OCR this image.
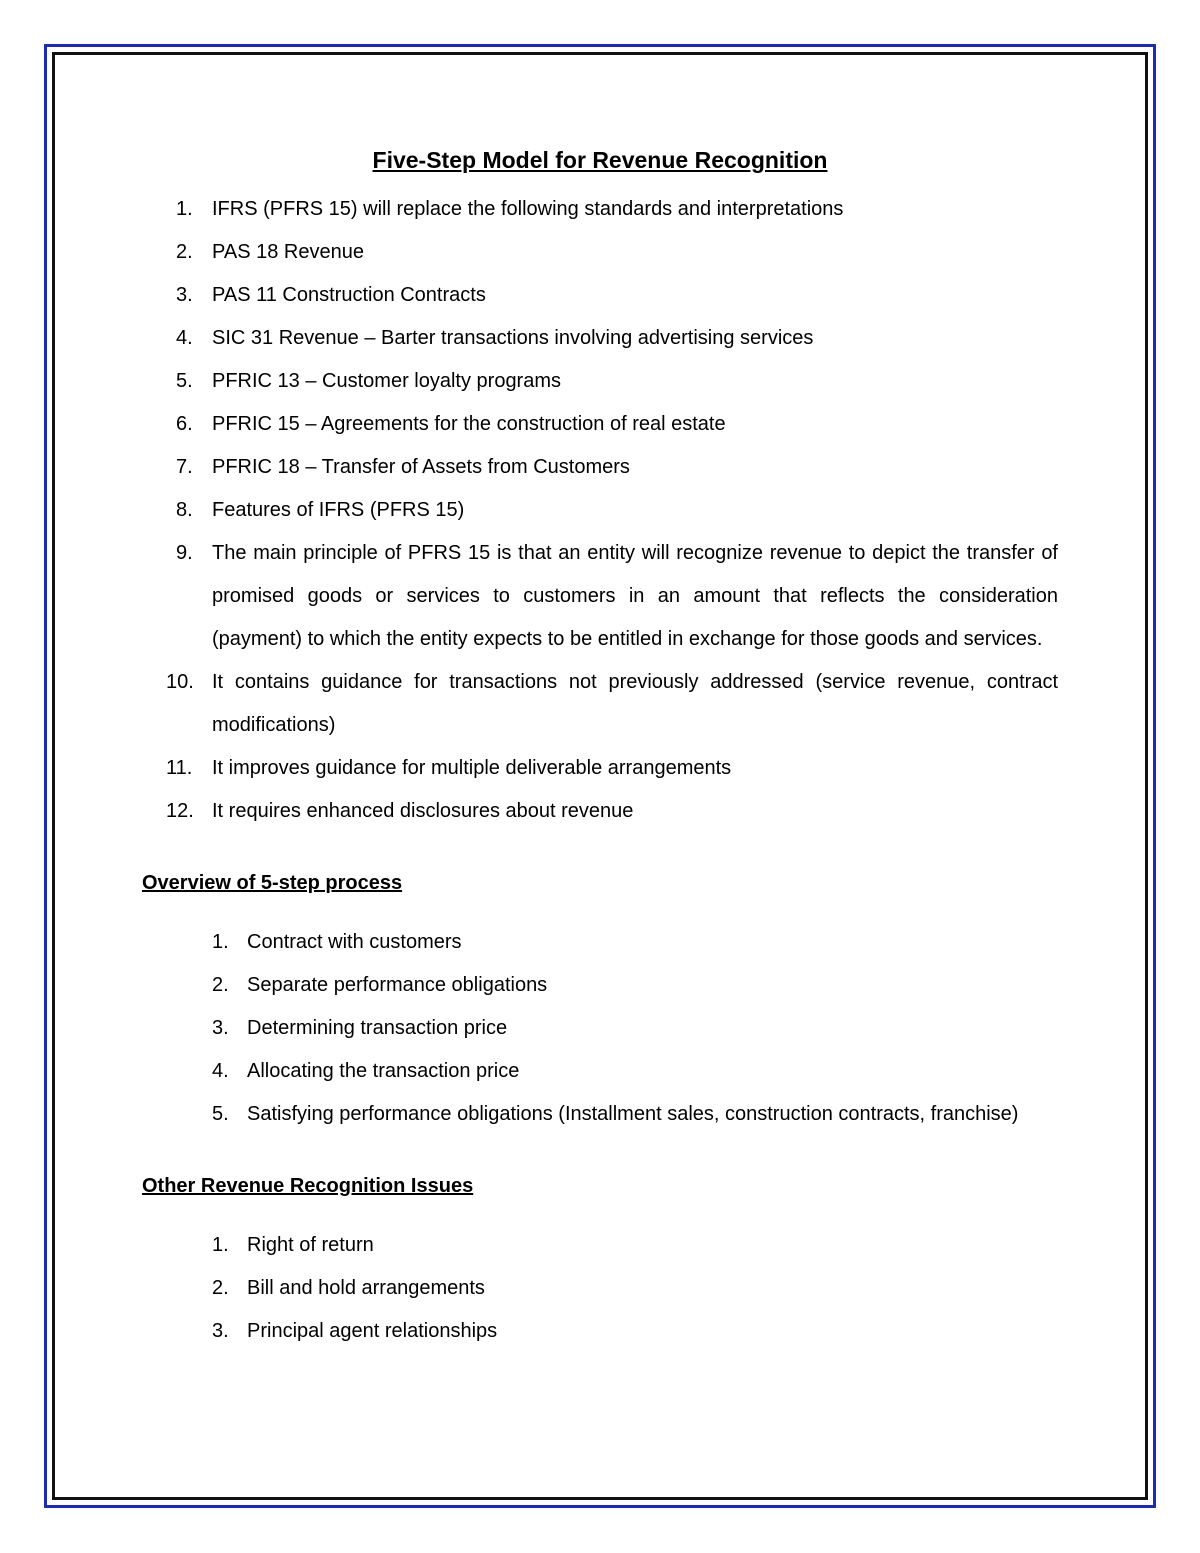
Five-Step Model for Revenue Recognition
1. IFRS (PFRS 15) will replace the following standards and interpretations
2. PAS 18 Revenue
3. PAS 11 Construction Contracts
4. SIC 31 Revenue – Barter transactions involving advertising services
5. PFRIC 13 – Customer loyalty programs
6. PFRIC 15 – Agreements for the construction of real estate
7. PFRIC 18 – Transfer of Assets from Customers
8. Features of IFRS (PFRS 15)
9. The main principle of PFRS 15 is that an entity will recognize revenue to depict the transfer of promised goods or services to customers in an amount that reflects the consideration (payment) to which the entity expects to be entitled in exchange for those goods and services.
10. It contains guidance for transactions not previously addressed (service revenue, contract modifications)
11. It improves guidance for multiple deliverable arrangements
12. It requires enhanced disclosures about revenue
Overview of 5-step process
1. Contract with customers
2. Separate performance obligations
3. Determining transaction price
4. Allocating the transaction price
5. Satisfying performance obligations (Installment sales, construction contracts, franchise)
Other Revenue Recognition Issues
1. Right of return
2. Bill and hold arrangements
3. Principal agent relationships
